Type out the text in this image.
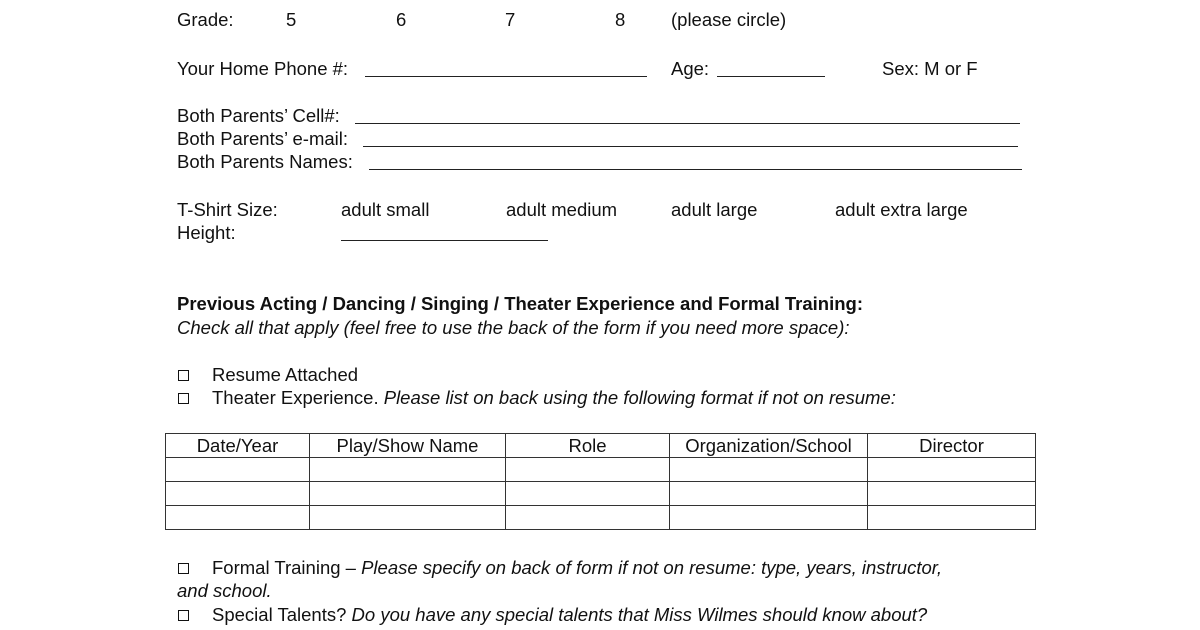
Grade:	5	6	7	8 (please circle)
Your Home Phone #:	Age:	Sex: M or F
Both Parents’ Cell#:
Both Parents’ e-mail:
Both Parents Names:
T-Shirt Size:	adult small	adult medium	adult large	adult extra large
Height:
Previous Acting / Dancing / Singing / Theater Experience and Formal Training:
Check all that apply (feel free to use the back of the form if you need more space):
Resume Attached
Theater Experience. Please list on back using the following format if not on resume:
Date/Year	Play/Show Name	Role	Organization/School	Director

Formal Training – Please specify on back of form if not on resume: type, years, instructor,
and school.
Special Talents? Do you have any special talents that Miss Wilmes should know about?
